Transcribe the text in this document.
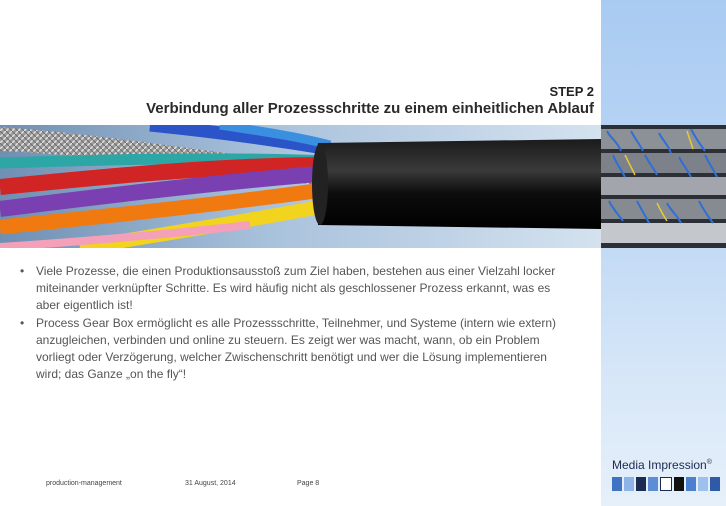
STEP 2
Verbindung aller Prozessschritte zu einem einheitlichen Ablauf
• Viele Prozesse, die einen Produktionsausstoß zum Ziel haben, bestehen aus einer Vielzahl locker miteinander verknüpfter Schritte. Es wird häufig nicht als geschlossener Prozess erkannt, was es aber eigentlich ist!
• Process Gear Box ermöglicht es alle Prozessschritte, Teilnehmer, und Systeme (intern wie extern) anzugleichen, verbinden und online zu steuern. Es zeigt wer was macht, wann, ob ein Problem vorliegt oder Verzögerung, welcher Zwischenschritt benötigt und wer die Lösung implementieren wird; das Ganze „on the fly“!
production-management	31 August, 2014	Page 8
Media Impression®
